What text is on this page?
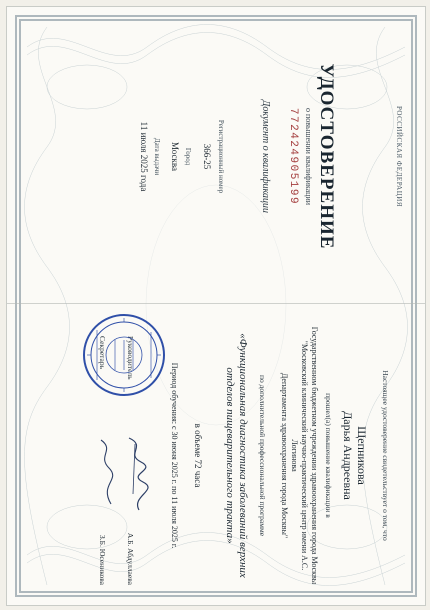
РОССИЙСКАЯ ФЕДЕРАЦИЯ
УДОСТОВЕРЕНИЕ
о повышении квалификации
772424905199
Документ о квалификации
Регистрационный номер
366-25
Город
Москва
Дата выдачи
11 июля 2025 года
Настоящее удостоверение свидетельствует о том, что
Щепникова
Дарья Андреевна
прошел(а) повышение квалификации в
Государственном бюджетном учреждении здравоохранения города Москвы
"Московский клинический научно-практический центр имени А.С. Логинова
Департамента здравоохранения города Москвы"
по дополнительной профессиональной программе
«Функциональная диагностика заболеваний верхних
отделов пищеварительного тракта»
в объеме 72 часа
Период обучения: с 30 июня 2025 г. по 11 июля 2025 г.
Руководитель
А.Б. Абдуллаева
Секретарь
З.Б. Юсеникова
